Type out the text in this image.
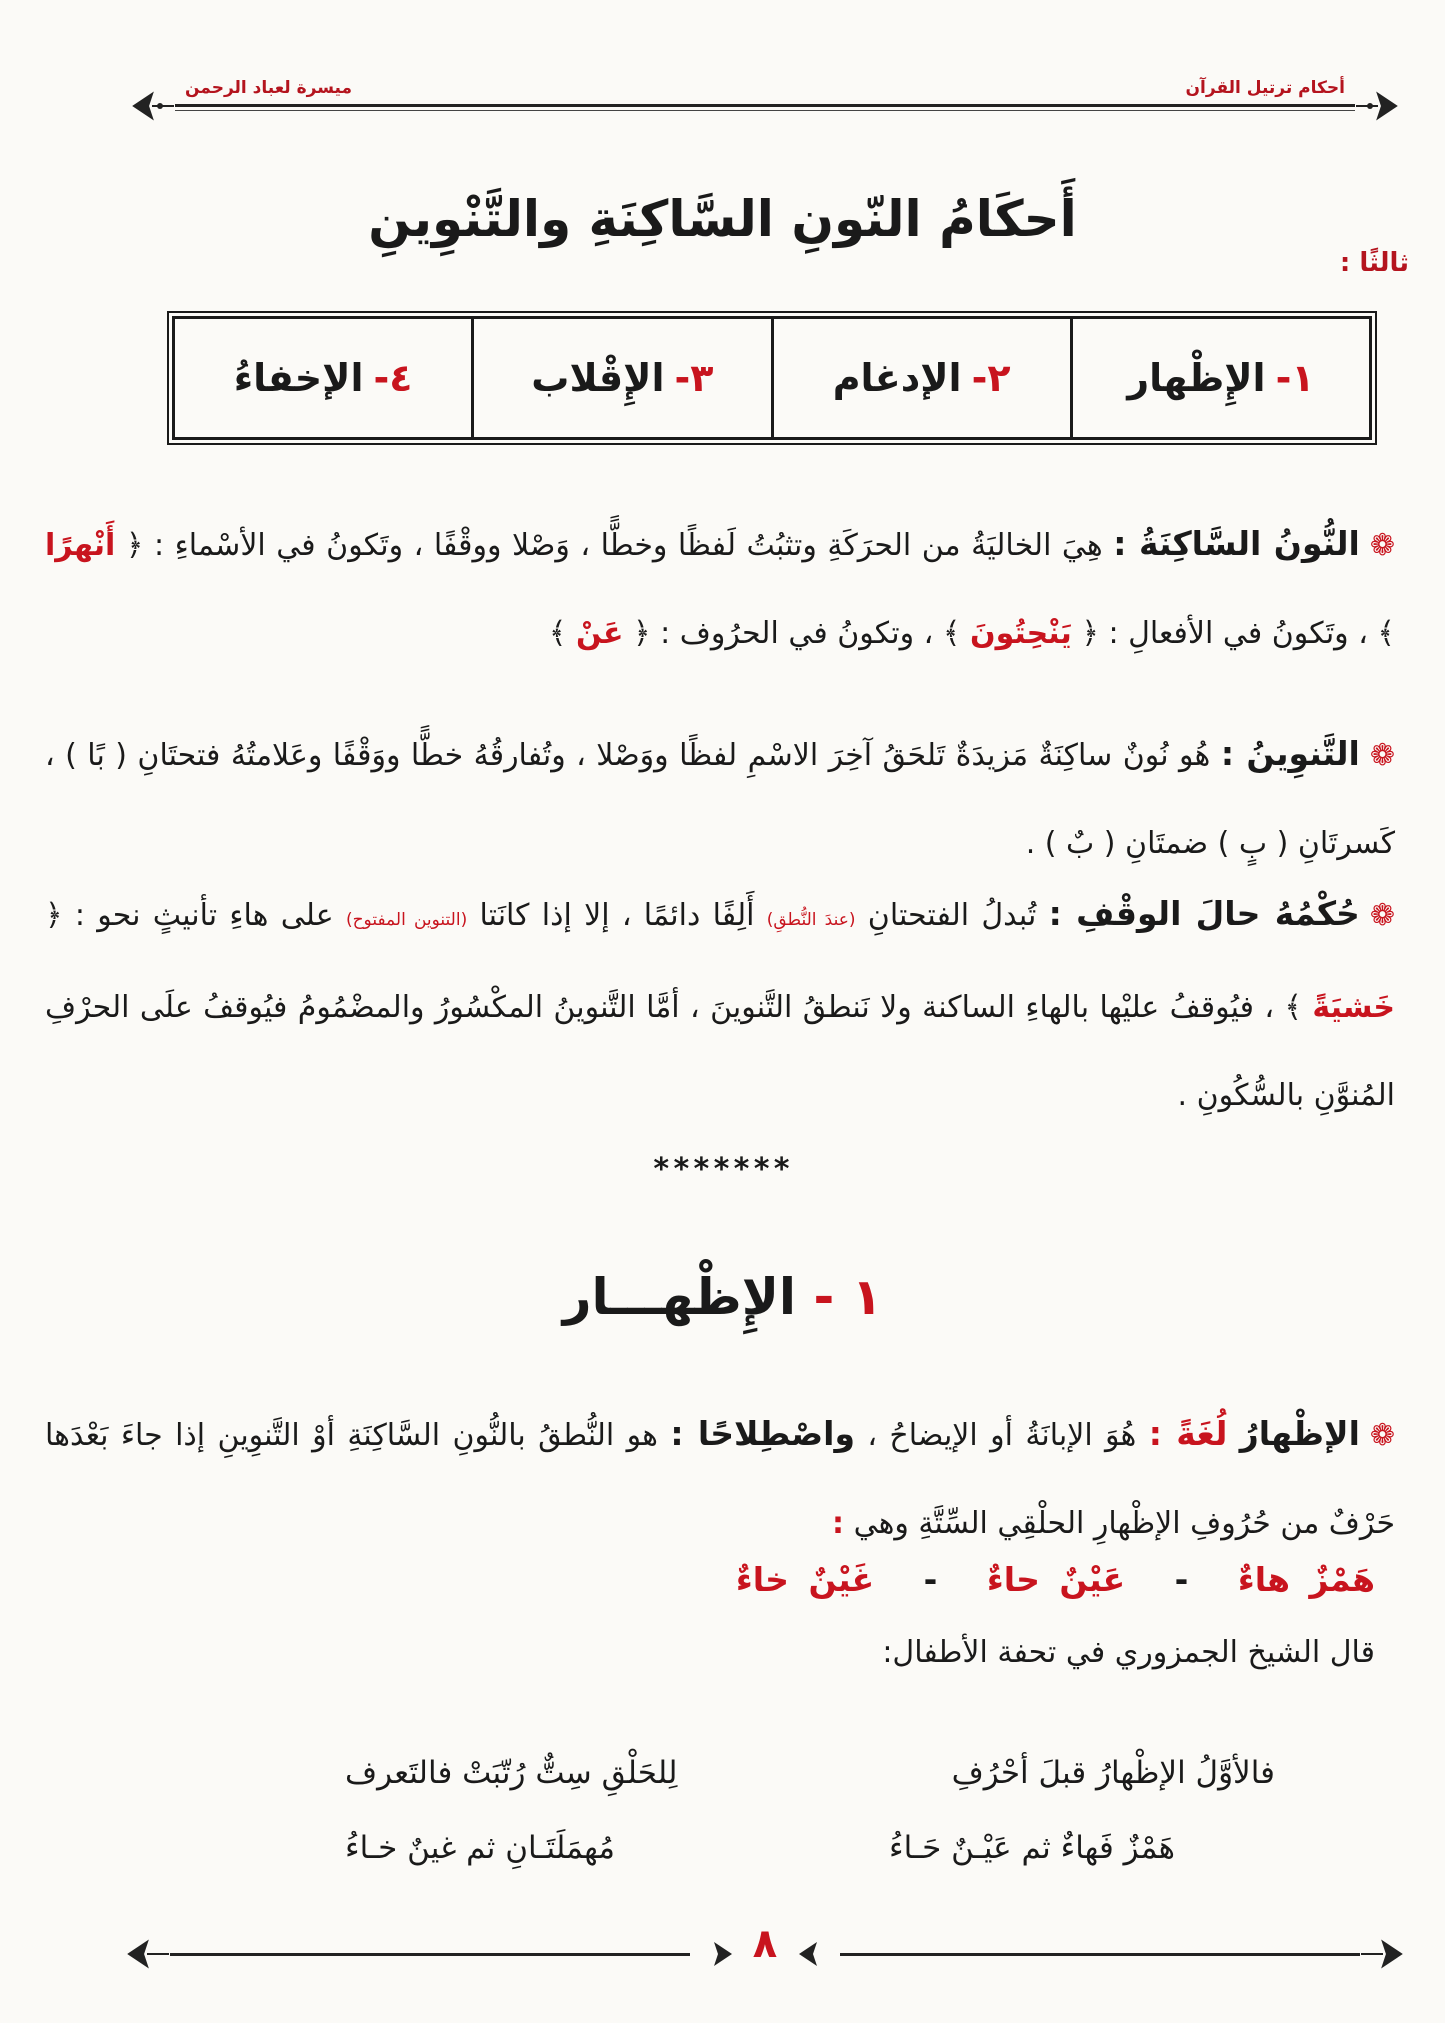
ميسرة لعباد الرحمن	أحكام ترتيل القرآن
ثالثًا :
أَحكَامُ النّونِ السَّاكِنَةِ والتَّنْوِينِ
١-
الإِظْهار
٢-
الإدغام
٣-
الإِقْلاب
٤-
الإخفاءُ
❁النُّونُ السَّاكِنَةُ : هِيَ الخاليَةُ من الحرَكَةِ وتثبُتُ لَفظًا وخطًّا ، وَصْلا ووقْفًا ، وتَكونُ في الأسْماءِ : ﴿ أَنْهرًا ﴾ ، وتَكونُ في الأفعالِ : ﴿ يَنْحِتُونَ ﴾ ، وتكونُ في الحرُوف : ﴿ عَنْ ﴾
❁التَّنوِينُ : هُو نُونٌ ساكِنَةٌ مَزيدَةٌ تَلحَقُ آخِرَ الاسْمِ لفظًا ووَصْلا ، وتُفارقُهُ خطًّا ووَقْفًا وعَلامتُهُ فتحتَانِ ( بًا ) ، كَسرتَانِ ( بٍ ) ضمتَانِ ( بٌ ) .
❁حُكْمُهُ حالَ الوقْفِ : تُبدلُ الفتحتانِ (عندَ النُّطقِ) أَلِفًا دائمًا ، إلا إذا كانَتا (التنوين المفتوح) على هاءِ تأنيثٍ نحو : ﴿ خَشيَةً ﴾ ، فيُوقفُ عليْها بالهاءِ الساكنة ولا نَنطقُ التَّنوينَ ، أمَّا التَّنوينُ المكْسُورُ والمضْمُومُ فيُوقفُ علَى الحرْفِ المُنوَّنِ بالسُّكُونِ .
*******
١ - الإِظْهـــار
❁الإظْهارُ لُغَةً : هُوَ الإبانَةُ أو الإيضاحُ ، واصْطِلاحًا : هو النُّطقُ بالنُّونِ السَّاكِنَةِ أوْ التَّنوِينِ إذا جاءَ بَعْدَها حَرْفٌ من حُرُوفِ الإظْهارِ الحلْقِي السِّتَّةِ وهي :
هَمْزٌ هاءٌ - عَيْنٌ حاءٌ - غَيْنٌ خاءٌ
قال الشيخ الجمزوري في تحفة الأطفال:
فالأوَّلُ الإظْهارُ قبلَ أحْرُفِ
لِلحَلْقِ سِتٌّ رُتّبَتْ فالتَعرف
هَمْزٌ فَهاءٌ ثم عَيْـنٌ حَـاءُ
مُهمَلَتَـانِ ثم غينٌ خـاءُ
٨
